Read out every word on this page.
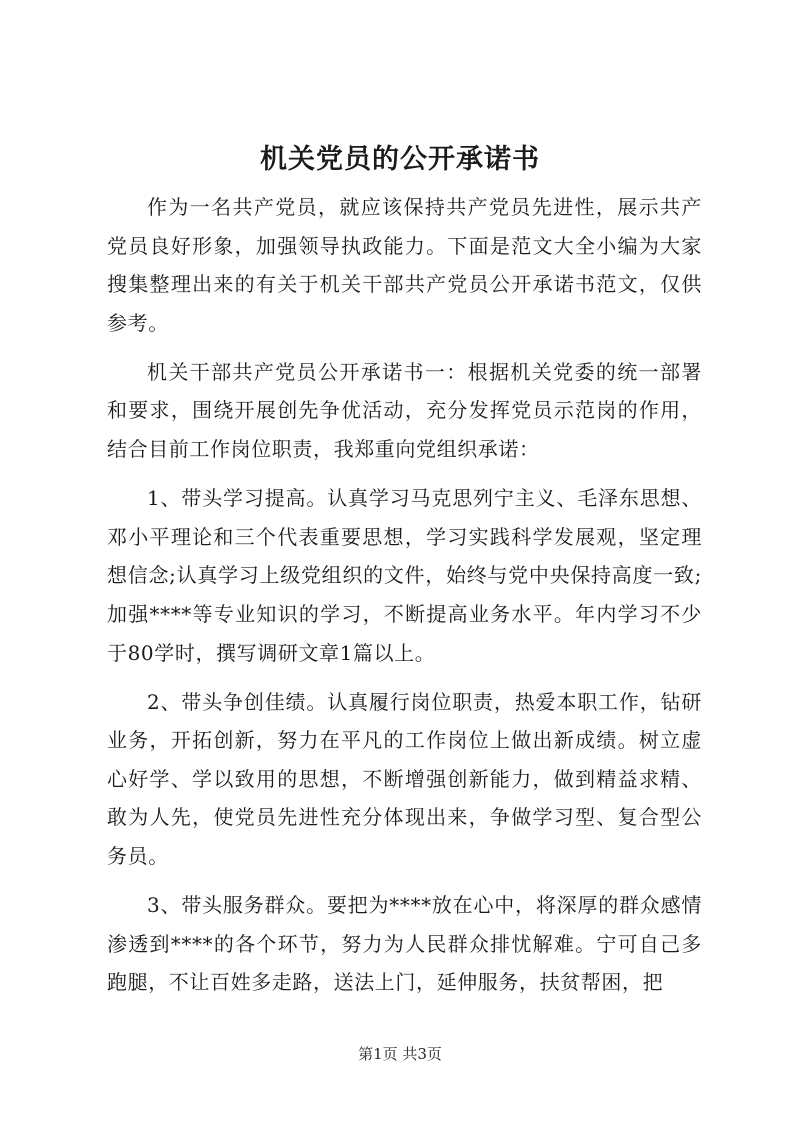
机关党员的公开承诺书

作为一名共产党员，就应该保持共产党员先进性，展示共产党员良好形象，加强领导执政能力。下面是范文大全小编为大家搜集整理出来的有关于机关干部共产党员公开承诺书范文，仅供参考。

机关干部共产党员公开承诺书一：根据机关党委的统一部署和要求，围绕开展创先争优活动，充分发挥党员示范岗的作用，结合目前工作岗位职责，我郑重向党组织承诺：

1、带头学习提高。认真学习马克思列宁主义、毛泽东思想、邓小平理论和三个代表重要思想，学习实践科学发展观，坚定理想信念;认真学习上级党组织的文件，始终与党中央保持高度一致;加强****等专业知识的学习，不断提高业务水平。年内学习不少于80学时，撰写调研文章1篇以上。

2、带头争创佳绩。认真履行岗位职责，热爱本职工作，钻研业务，开拓创新，努力在平凡的工作岗位上做出新成绩。树立虚心好学、学以致用的思想，不断增强创新能力，做到精益求精、敢为人先，使党员先进性充分体现出来，争做学习型、复合型公务员。

3、带头服务群众。要把为****放在心中，将深厚的群众感情渗透到****的各个环节，努力为人民群众排忧解难。宁可自己多跑腿，不让百姓多走路，送法上门，延伸服务，扶贫帮困，把

第1页 共3页
